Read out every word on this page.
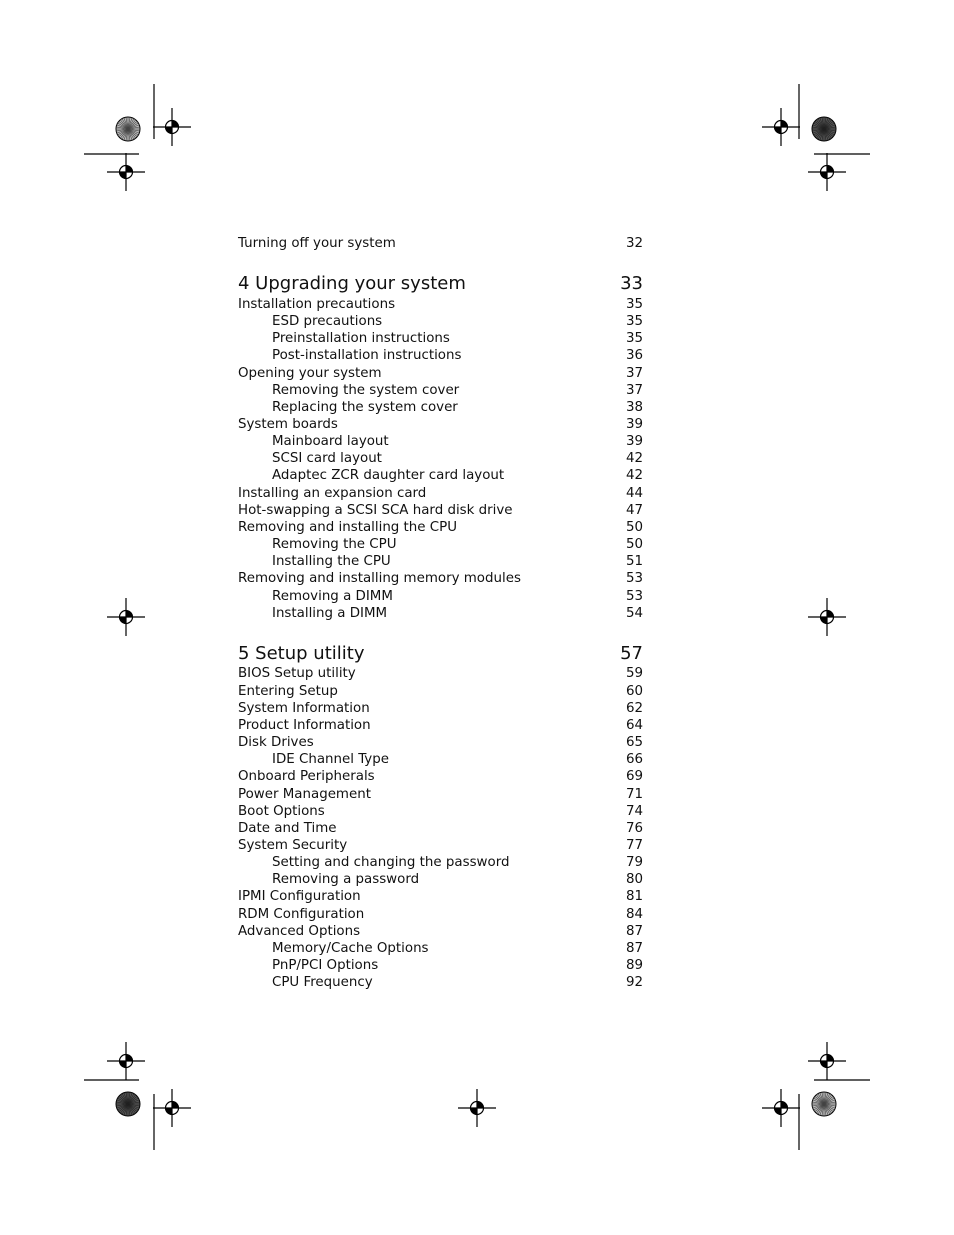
Turning off your system	32
4 Upgrading your system	33
Installation precautions	35
ESD precautions	35
Preinstallation instructions	35
Post-installation instructions	36
Opening your system	37
Removing the system cover	37
Replacing the system cover	38
System boards	39
Mainboard layout	39
SCSI card layout	42
Adaptec ZCR daughter card layout	42
Installing an expansion card	44
Hot-swapping a SCSI SCA hard disk drive	47
Removing and installing the CPU	50
Removing the CPU	50
Installing the CPU	51
Removing and installing memory modules	53
Removing a DIMM	53
Installing a DIMM	54
5 Setup utility	57
BIOS Setup utility	59
Entering Setup	60
System Information	62
Product Information	64
Disk Drives	65
IDE Channel Type	66
Onboard Peripherals	69
Power Management	71
Boot Options	74
Date and Time	76
System Security	77
Setting and changing the password	79
Removing a password	80
IPMI Configuration	81
RDM Configuration	84
Advanced Options	87
Memory/Cache Options	87
PnP/PCI Options	89
CPU Frequency	92
